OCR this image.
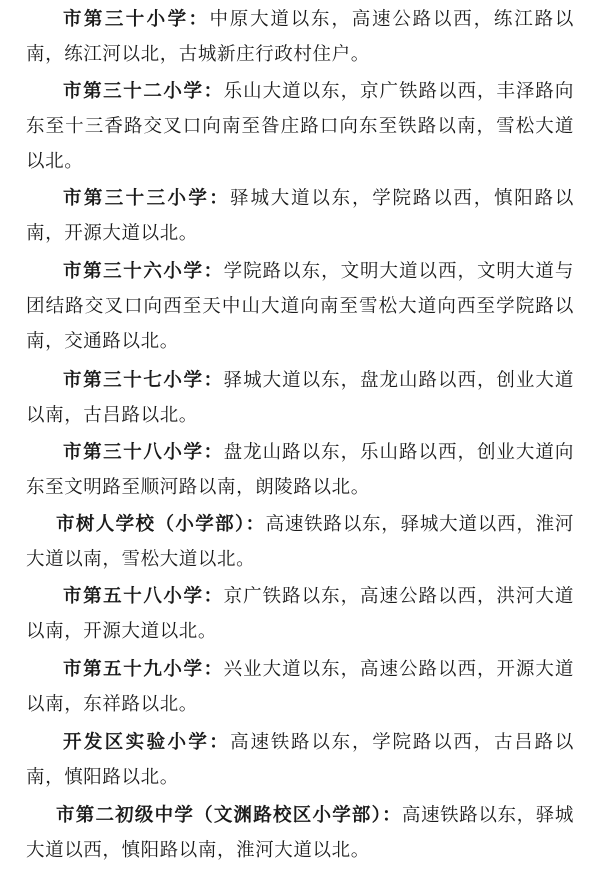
市第三十小学：中原大道以东，高速公路以西，练江路以南，练江河以北，古城新庄行政村住户。

市第三十二小学：乐山大道以东，京广铁路以西，丰泽路向东至十三香路交叉口向南至昝庄路口向东至铁路以南，雪松大道以北。

市第三十三小学：驿城大道以东，学院路以西，慎阳路以南，开源大道以北。

市第三十六小学：学院路以东，文明大道以西，文明大道与团结路交叉口向西至天中山大道向南至雪松大道向西至学院路以南，交通路以北。

市第三十七小学：驿城大道以东，盘龙山路以西，创业大道以南，古吕路以北。

市第三十八小学：盘龙山路以东，乐山路以西，创业大道向东至文明路至顺河路以南，朗陵路以北。

市树人学校（小学部）：高速铁路以东，驿城大道以西，淮河大道以南，雪松大道以北。

市第五十八小学：京广铁路以东，高速公路以西，洪河大道以南，开源大道以北。

市第五十九小学：兴业大道以东，高速公路以西，开源大道以南，东祥路以北。

开发区实验小学：高速铁路以东，学院路以西，古吕路以南，慎阳路以北。

市第二初级中学（文渊路校区小学部）：高速铁路以东，驿城大道以西，慎阳路以南，淮河大道以北。
